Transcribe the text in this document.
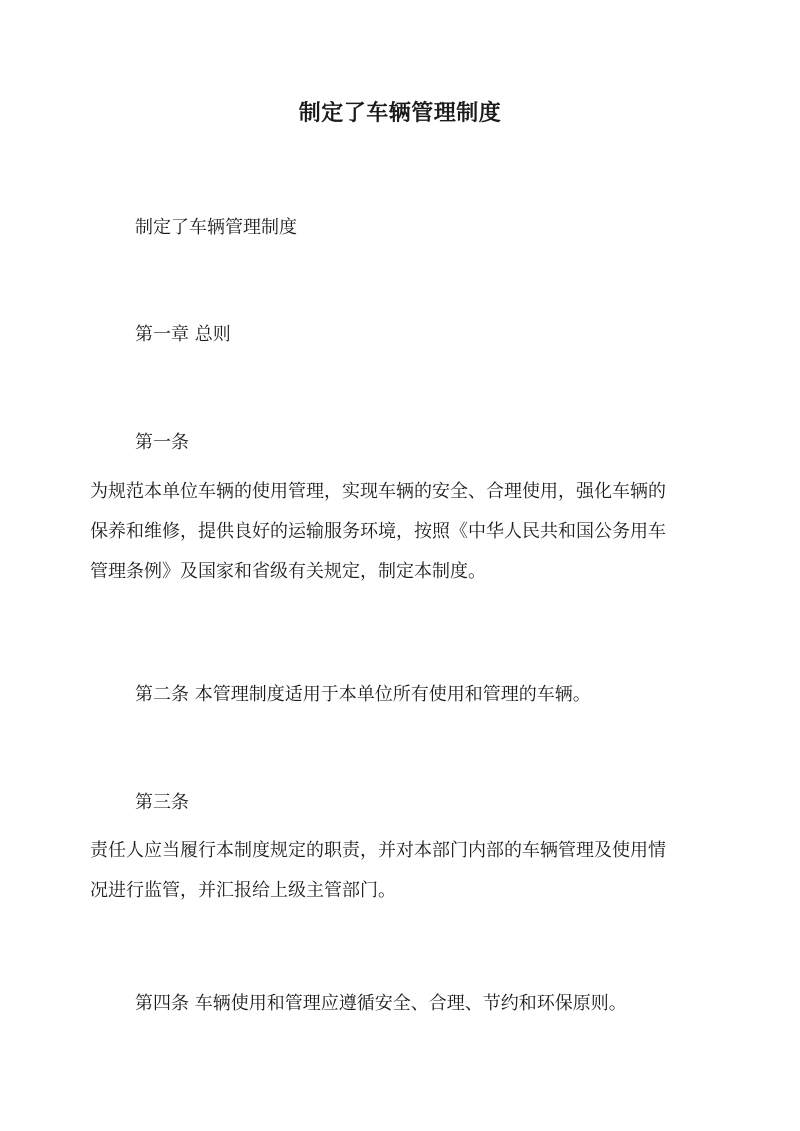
制定了车辆管理制度

制定了车辆管理制度

第一章 总则

第一条

为规范本单位车辆的使用管理，实现车辆的安全、合理使用，强化车辆的
保养和维修，提供良好的运输服务环境，按照《中华人民共和国公务用车
管理条例》及国家和省级有关规定，制定本制度。

第二条 本管理制度适用于本单位所有使用和管理的车辆。

第三条

责任人应当履行本制度规定的职责，并对本部门内部的车辆管理及使用情
况进行监管，并汇报给上级主管部门。

第四条 车辆使用和管理应遵循安全、合理、节约和环保原则。
